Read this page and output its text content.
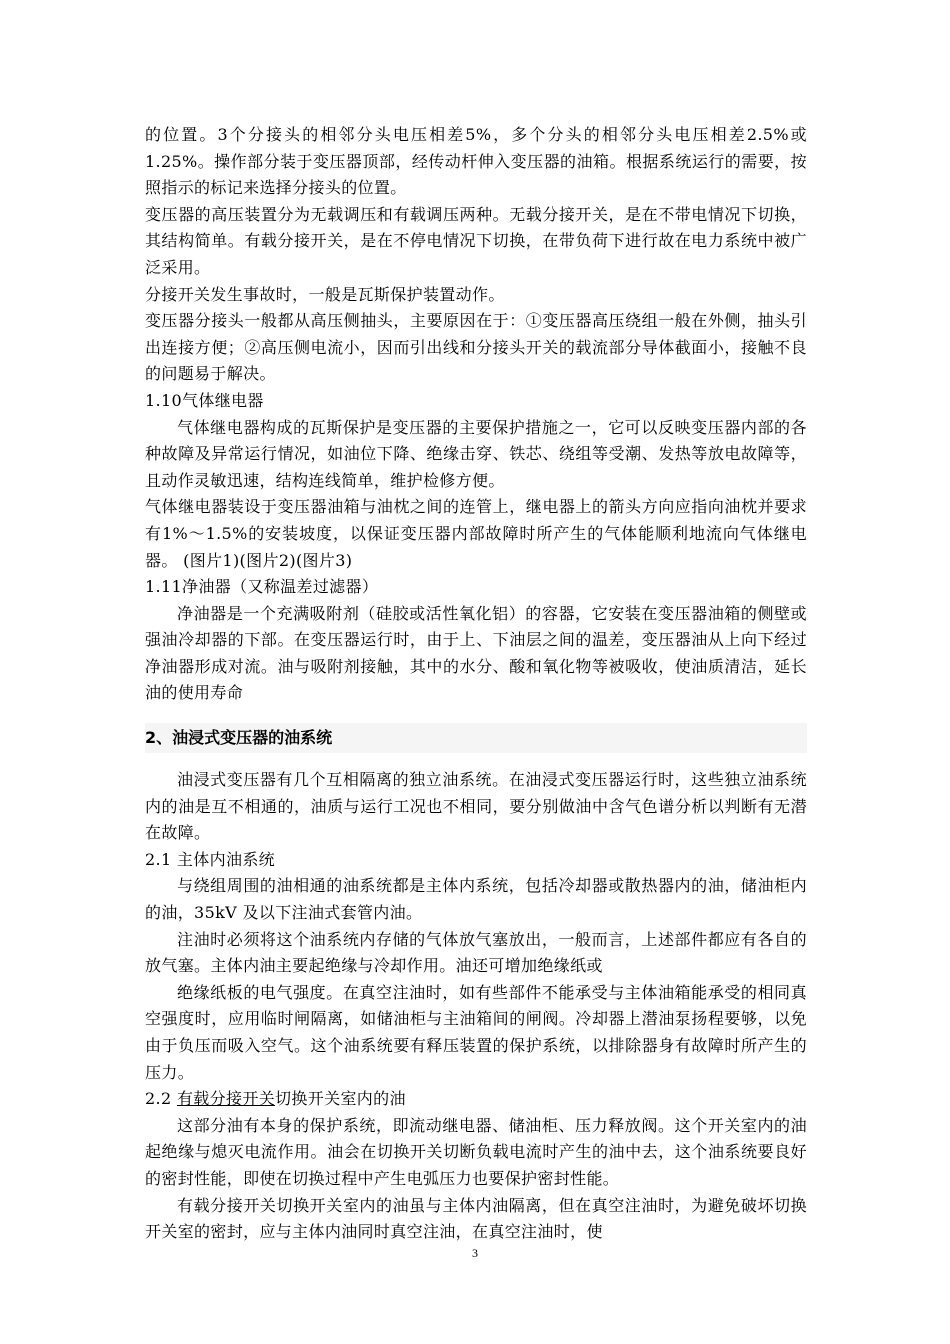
的位置。3个分接头的相邻分头电压相差5%，多个分头的相邻分头电压相差2.5%或1.25%。操作部分装于变压器顶部，经传动杆伸入变压器的油箱。根据系统运行的需要，按照指示的标记来选择分接头的位置。

变压器的高压装置分为无载调压和有载调压两种。无载分接开关，是在不带电情况下切换，其结构简单。有载分接开关，是在不停电情况下切换，在带负荷下进行故在电力系统中被广泛采用。

分接开关发生事故时，一般是瓦斯保护装置动作。

变压器分接头一般都从高压侧抽头，主要原因在于：①变压器高压绕组一般在外侧，抽头引出连接方便；②高压侧电流小，因而引出线和分接头开关的载流部分导体截面小，接触不良的问题易于解决。

1.10气体继电器

气体继电器构成的瓦斯保护是变压器的主要保护措施之一，它可以反映变压器内部的各种故障及异常运行情况，如油位下降、绝缘击穿、铁芯、绕组等受潮、发热等放电故障等，且动作灵敏迅速，结构连线简单，维护检修方便。

气体继电器装设于变压器油箱与油枕之间的连管上，继电器上的箭头方向应指向油枕并要求有1%～1.5%的安装坡度，以保证变压器内部故障时所产生的气体能顺利地流向气体继电器。 (图片1)(图片2)(图片3)

1.11净油器（又称温差过滤器）

净油器是一个充满吸附剂（硅胶或活性氧化铝）的容器，它安装在变压器油箱的侧壁或强油冷却器的下部。在变压器运行时，由于上、下油层之间的温差，变压器油从上向下经过净油器形成对流。油与吸附剂接触，其中的水分、酸和氧化物等被吸收，使油质清洁，延长油的使用寿命

2、油浸式变压器的油系统

油浸式变压器有几个互相隔离的独立油系统。在油浸式变压器运行时，这些独立油系统内的油是互不相通的，油质与运行工况也不相同，要分别做油中含气色谱分析以判断有无潜在故障。

2.1 主体内油系统

与绕组周围的油相通的油系统都是主体内系统，包括冷却器或散热器内的油，储油柜内的油，35kV 及以下注油式套管内油。

注油时必须将这个油系统内存储的气体放气塞放出，一般而言，上述部件都应有各自的放气塞。主体内油主要起绝缘与冷却作用。油还可增加绝缘纸或

绝缘纸板的电气强度。在真空注油时，如有些部件不能承受与主体油箱能承受的相同真空强度时，应用临时闸隔离，如储油柜与主油箱间的闸阀。冷却器上潜油泵扬程要够，以免由于负压而吸入空气。这个油系统要有释压装置的保护系统，以排除器身有故障时所产生的压力。

2.2 有载分接开关切换开关室内的油

这部分油有本身的保护系统，即流动继电器、储油柜、压力释放阀。这个开关室内的油起绝缘与熄灭电流作用。油会在切换开关切断负载电流时产生的油中去，这个油系统要良好的密封性能，即使在切换过程中产生电弧压力也要保护密封性能。

有载分接开关切换开关室内的油虽与主体内油隔离，但在真空注油时，为避免破坏切换开关室的密封，应与主体内油同时真空注油，在真空注油时，使

3
